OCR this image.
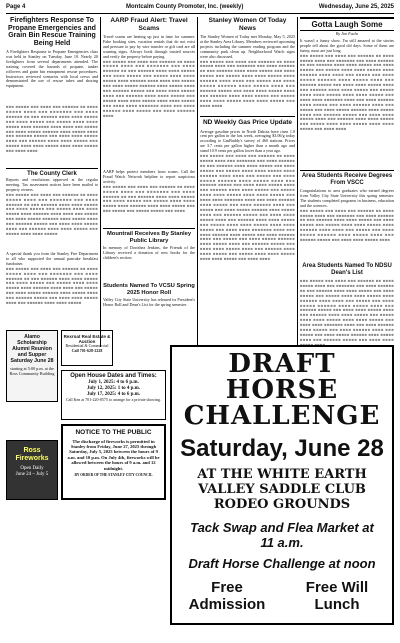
Page 4	Montcalm County Promoter, Inc. (weekly)	Wednesday, June 25, 2025
Firefighters Response To Propane Emergencies and Grain Bin Rescue Training Being Held
A Firefighters Response to Propane Emergencies class was held in Stanley on Tuesday, June 10. Nearly 20 firefighters from several departments attended. The training covered the hazards of propane, tanker rollovers and grain bin entrapment rescue procedures. Instructors reviewed scenarios with local crews and demonstrated the use of rescue tubes and shoring equipment.
■■■ ■■■■■ ■■■ ■■■■ ■■■ ■■■■■■ ■■ ■■■■ ■■■■■ ■■■■ ■■■ ■■■■■■■ ■■■ ■■■■ ■■■■■■ ■■ ■■■ ■■■■■■ ■■■■ ■■■■ ■■■■■ ■■■ ■■■■ ■■■■■ ■■■ ■■■■■ ■■■■ ■■■■ ■■■■■ ■■■■ ■■■■■■ ■■■■ ■■■■ ■■■ ■■■■■ ■■■ ■■■■ ■■■■■ ■■■■■■ ■■■■ ■■■■■ ■■■■ ■■■ ■■■■■■ ■■■■■ ■■■ ■■■■ ■■■■ ■■■■■ ■■■■ ■■■ ■■■■■■ ■■■■ ■■■■ ■■■■■ ■■■ ■■■■■ ■■■■ ■■■■ ■■■■■ ■■■■ ■■■■ ■■■■■ ■■■ ■■■■ ■■■■
The County Clerk
Reports and resolutions approved at the regular meeting. Tax assessment notices have been mailed to property owners.
■■■ ■■■■■ ■■■ ■■■■ ■■■ ■■■■■■ ■■ ■■■■ ■■■■■ ■■■■ ■■■ ■■■■■■■ ■■■ ■■■■ ■■■■■■ ■■ ■■■ ■■■■■■ ■■■■ ■■■■ ■■■■■ ■■■ ■■■■ ■■■■■ ■■■ ■■■■■ ■■■■ ■■■■ ■■■■■ ■■■■ ■■■■■■ ■■■■ ■■■■ ■■■ ■■■■■ ■■■ ■■■■ ■■■■■ ■■■■■■ ■■■■ ■■■■■ ■■■■ ■■■ ■■■■■■ ■■■■■ ■■■ ■■■■ ■■■■ ■■■■■ ■■■■ ■■■ ■■■■■■ ■■■■ ■■■■ ■■■■■ ■■■ ■■■■■ ■■■■ ■■■■ ■■■■■
Alamo Scholarship Alumni Reunion and Supper Saturday June 28
starting at 5:00 p.m. at the Ross Community Building
Ross Fireworks
Open Daily
June 24 – July 5
AARP Fraud Alert: Travel Scams
Travel scams are heating up just in time for summer. Fake booking sites, vacation rentals that do not exist and pressure to pay by wire transfer or gift card are all warning signs. Always book through trusted sources and verify the property before paying.
■■■ ■■■■■ ■■■ ■■■■ ■■■ ■■■■■■ ■■ ■■■■ ■■■■■ ■■■■ ■■■ ■■■■■■■ ■■■ ■■■■ ■■■■■■ ■■ ■■■ ■■■■■■ ■■■■ ■■■■ ■■■■■ ■■■ ■■■■ ■■■■■ ■■■ ■■■■■ ■■■■ ■■■■ ■■■■■ ■■■■ ■■■■■■ ■■■■ ■■■■ ■■■ ■■■■■ ■■■ ■■■■ ■■■■■ ■■■■■■ ■■■■ ■■■■■ ■■■■ ■■■ ■■■■■■ ■■■■■ ■■■ ■■■■ ■■■■ ■■■■■ ■■■■ ■■■ ■■■■■■ ■■■■ ■■■■ ■■■■■ ■■■ ■■■■■ ■■■■ ■■■■ ■■■■■ ■■■■ ■■■■ ■■■■■ ■■■ ■■■■ ■■■■ ■■■■■■■ ■■■■ ■■■ ■■■■ ■■■■■■ ■■■■ ■■■■■ ■■■ ■■■■ ■■■■■■ ■■■■
AARP helps protect members from scams. Call the Fraud Watch Network helpline to report suspicious activity.
■■■ ■■■■■ ■■■ ■■■■ ■■■ ■■■■■■ ■■ ■■■■ ■■■■■ ■■■■ ■■■ ■■■■■■■ ■■■ ■■■■ ■■■■■■ ■■ ■■■ ■■■■■■ ■■■■ ■■■■ ■■■■■ ■■■ ■■■■ ■■■■■ ■■■ ■■■■■ ■■■■ ■■■■ ■■■■■ ■■■■ ■■■■■■ ■■■■ ■■■■ ■■■■■ ■■■ ■■■ ■■■■■ ■■■ ■■■■■ ■■■■■ ■■■ ■■■■
Mountrail Receives By Stanley Public Library
In memory of Dorothea Jenkins, the Friends of the Library received a donation of new books for the children's section.
Students Named To VCSU Spring 2025 Honor Roll
Valley City State University has released its President's Honor Roll and Dean's List for the spring semester.
Rexroat Real Estate & Auction
Residential & Commercial
Call 701-628-2228
Open House Dates and Times:
July 1, 2025: 4 to 6 p.m.
July 12, 2025: 1 to 4 p.m.
July 17, 2025: 4 to 6 p.m.
Call Ken at 701-220-8575 to arrange for a private showing.
NOTICE TO THE PUBLIC
The discharge of fireworks is permitted in Stanley from Friday, June 27, 2025 through Saturday, July 5, 2025 between the hours of 9 a.m. and 10 p.m. On July 4th, fireworks will be allowed between the hours of 9 a.m. and 12 midnight.
BY ORDER OF THE STANLEY CITY COUNCIL
Stanley Women Of Today News
The Stanley Women of Today met Monday, May 5, 2025 at the Stanley Area Library. Members reviewed upcoming projects including the summer reading program and the community park clean up. Neighborhood Watch signs were also discussed.
■■■ ■■■■■ ■■■ ■■■■ ■■■ ■■■■■■ ■■ ■■■■ ■■■■■ ■■■■ ■■■ ■■■■■■■ ■■■ ■■■■ ■■■■■■ ■■ ■■■ ■■■■■■ ■■■■ ■■■■ ■■■■■ ■■■ ■■■■ ■■■■■ ■■■ ■■■■■ ■■■■ ■■■■ ■■■■■ ■■■■ ■■■■■■ ■■■■ ■■■■ ■■■ ■■■■■ ■■■ ■■■■ ■■■■■ ■■■■■■ ■■■■ ■■■■■ ■■■■ ■■■ ■■■■■■ ■■■■■ ■■■ ■■■■ ■■■■ ■■■■■ ■■■■ ■■■ ■■■■■■ ■■■■ ■■■■ ■■■■■ ■■■ ■■■■■ ■■■■ ■■■■ ■■■■■ ■■■■ ■■■■ ■■■■■ ■■■ ■■■■ ■■■■
ND Weekly Gas Price Update
Average gasoline prices in North Dakota have risen 1.0 cent per gallon in the last week, averaging $3.06/g today according to GasBuddy's survey of 460 stations. Prices are 3.7 cents per gallon higher than a month ago and stand 10.9 cents per gallon lower than a year ago.
■■■ ■■■■■ ■■■ ■■■■ ■■■ ■■■■■■ ■■ ■■■■ ■■■■■ ■■■■ ■■■ ■■■■■■■ ■■■ ■■■■ ■■■■■■ ■■ ■■■ ■■■■■■ ■■■■ ■■■■ ■■■■■ ■■■ ■■■■ ■■■■■ ■■■ ■■■■■ ■■■■ ■■■■ ■■■■■ ■■■■ ■■■■■■ ■■■■ ■■■■ ■■■ ■■■■■ ■■■ ■■■■ ■■■■■ ■■■■■■ ■■■■ ■■■■■ ■■■■ ■■■ ■■■■■■ ■■■■■ ■■■ ■■■■ ■■■■ ■■■■■ ■■■■ ■■■ ■■■■■■ ■■■■ ■■■■ ■■■■■ ■■■ ■■■■■ ■■■■ ■■■■ ■■■■■ ■■■■ ■■■■ ■■■■■ ■■■ ■■■■ ■■■■ ■■■■■■■ ■■■■ ■■■ ■■■■ ■■■■■■ ■■■■ ■■■■■ ■■■ ■■■■ ■■■■■■ ■■■■ ■■■ ■■■■■ ■■■ ■■■■ ■■■■■ ■■■■■■ ■■■■ ■■■■■ ■■■■ ■■■ ■■■■■■ ■■■■■ ■■■ ■■■■ ■■■■ ■■■■■ ■■■■ ■■■ ■■■■■■ ■■■■ ■■■■ ■■■■■ ■■■ ■■■■■ ■■■■ ■■■■ ■■■■■ ■■■■ ■■■■ ■■■■■ ■■■ ■■■■ ■■■■ ■■■■■■■ ■■■■ ■■■ ■■■■ ■■■■■■ ■■■■ ■■■■■ ■■■ ■■■■ ■■■■■■ ■■■■ ■■■ ■■■■■ ■■■ ■■■■ ■■■■■ ■■■■■■ ■■■■ ■■■■■ ■■■■ ■■■ ■■■■■■ ■■■■■ ■■■ ■■■■ ■■■■ ■■■■■ ■■■■ ■■■ ■■■■■■ ■■■■ ■■■■ ■■■■■ ■■■ ■■■■■ ■■■■ ■■■■ ■■■■■ ■■■■ ■■■■ ■■■■■ ■■■ ■■■■ ■■■■
Gotta Laugh Some
By Jim Fuchs
It wasn't a funny show. I'm still amazed at the stories people tell about the good old days. Some of them are funny, most are just long.
■■■ ■■■■■ ■■■ ■■■■ ■■■ ■■■■■■ ■■ ■■■■ ■■■■■ ■■■■ ■■■ ■■■■■■■ ■■■ ■■■■ ■■■■■■ ■■ ■■■ ■■■■■■ ■■■■ ■■■■ ■■■■■ ■■■ ■■■■ ■■■■■ ■■■ ■■■■■ ■■■■ ■■■■ ■■■■■ ■■■■ ■■■■■■ ■■■■ ■■■■ ■■■ ■■■■■ ■■■ ■■■■ ■■■■■ ■■■■■■ ■■■■ ■■■■■ ■■■■ ■■■ ■■■■■■ ■■■■■ ■■■ ■■■■ ■■■■ ■■■■■ ■■■■ ■■■ ■■■■■■ ■■■■ ■■■■ ■■■■■ ■■■ ■■■■■ ■■■■ ■■■■ ■■■■■ ■■■■ ■■■■ ■■■■■ ■■■ ■■■■ ■■■■ ■■■■■■■ ■■■■ ■■■ ■■■■ ■■■■■■ ■■■■ ■■■■■ ■■■ ■■■■ ■■■■■■ ■■■■ ■■■ ■■■■■ ■■■ ■■■■ ■■■■■ ■■■■■■ ■■■■ ■■■■■ ■■■■ ■■■ ■■■■■■ ■■■■■ ■■■ ■■■■ ■■■■ ■■■■■ ■■■■ ■■■ ■■■■■■ ■■■■ ■■■■ ■■■■■ ■■■ ■■■■■ ■■■■ ■■■■ ■■■■■ ■■■■ ■■■■ ■■■■■ ■■■ ■■■■ ■■■■
Area Students Receive Degrees From VSCC
Congratulations to area graduates who earned degrees from Valley City State University this spring semester. The students completed programs in business, education and the sciences.
■■■ ■■■■■ ■■■ ■■■■ ■■■ ■■■■■■ ■■ ■■■■ ■■■■■ ■■■■ ■■■ ■■■■■■■ ■■■ ■■■■ ■■■■■■ ■■ ■■■ ■■■■■■ ■■■■ ■■■■ ■■■■■ ■■■ ■■■■ ■■■■■ ■■■ ■■■■■ ■■■■ ■■■■ ■■■■■ ■■■■ ■■■■■■ ■■■■ ■■■■ ■■■ ■■■■■ ■■■ ■■■■ ■■■■■ ■■■■■■ ■■■■ ■■■■■ ■■■■ ■■■ ■■■■■■ ■■■■■ ■■■ ■■■■ ■■■■ ■■■■■ ■■■■
Area Students Named To NDSU Dean's List
■■■ ■■■■■ ■■■ ■■■■ ■■■ ■■■■■■ ■■ ■■■■ ■■■■■ ■■■■ ■■■ ■■■■■■■ ■■■ ■■■■ ■■■■■■ ■■ ■■■ ■■■■■■ ■■■■ ■■■■ ■■■■■ ■■■ ■■■■ ■■■■■ ■■■ ■■■■■ ■■■■ ■■■■ ■■■■■ ■■■■ ■■■■■■ ■■■■ ■■■■ ■■■ ■■■■■ ■■■ ■■■■ ■■■■■ ■■■■■■ ■■■■ ■■■■■ ■■■■ ■■■ ■■■■■■ ■■■■■ ■■■ ■■■■ ■■■■ ■■■■■ ■■■■ ■■■ ■■■■■■ ■■■■ ■■■■ ■■■■■ ■■■ ■■■■■ ■■■■ ■■■■ ■■■■■ ■■■■ ■■■■ ■■■■■ ■■■ ■■■■ ■■■■ ■■■■■■■ ■■■■ ■■■ ■■■■ ■■■■■■ ■■■■ ■■■■■ ■■■ ■■■■ ■■■■■■ ■■■■ ■■■ ■■■■■ ■■■ ■■■■ ■■■■■ ■■■■■■ ■■■■ ■■■■■ ■■■■ ■■■ ■■■■■■ ■■■■■ ■■■ ■■■■ ■■■■
A special thank you from the Stanley Fire Department to all who supported the annual pancake breakfast fundraiser.
■■■ ■■■■■ ■■■ ■■■■ ■■■ ■■■■■■ ■■ ■■■■ ■■■■■ ■■■■ ■■■ ■■■■■■■ ■■■ ■■■■ ■■■■■■ ■■ ■■■ ■■■■■■ ■■■■ ■■■■ ■■■■■ ■■■ ■■■■ ■■■■■ ■■■ ■■■■■ ■■■■ ■■■■ ■■■■■ ■■■■ ■■■■■■ ■■■■ ■■■■ ■■■ ■■■■■ ■■■ ■■■■ ■■■■■ ■■■■■■ ■■■■ ■■■■■ ■■■■ ■■■ ■■■■■■ ■■■■■ ■■■ ■■■■ ■■■■ ■■■■■ ■■■■ ■■■ ■■■■■■ ■■■■ ■■■■ ■■■■■
DRAFT HORSE CHALLENGE
Saturday, June 28
AT THE WHITE EARTH VALLEY SADDLE CLUB RODEO GROUNDS
Tack Swap and Flea Market at 11 a.m.
Draft Horse Challenge at noon
Free Admission
Free Will Lunch
